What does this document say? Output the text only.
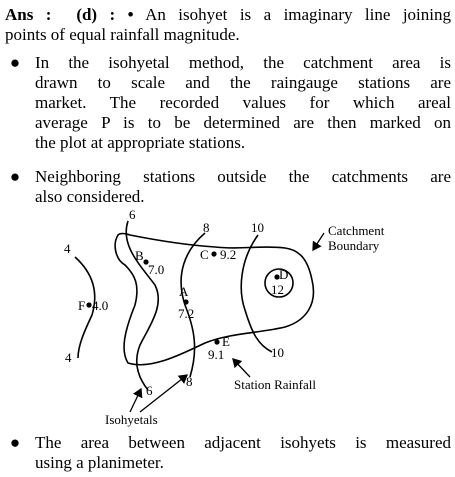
Ans : (d) : • An isohyet is a imaginary line joining
points of equal rainfall magnitude.
● In the isohyetal method, the catchment area is
drawn to scale and the raingauge stations are
market. The recorded values for which areal
average P is to be determined are then marked on
the plot at appropriate stations.
● Neighboring stations outside the catchments are
also considered.
6
8	10
4
4
6
8
10
B
7.0
C 9.2
A
7.2
D
12
E
9.1
F 4.0
Catchment
Boundary
Station Rainfall
Isohyetals
● The area between adjacent isohyets is measured
using a planimeter.
